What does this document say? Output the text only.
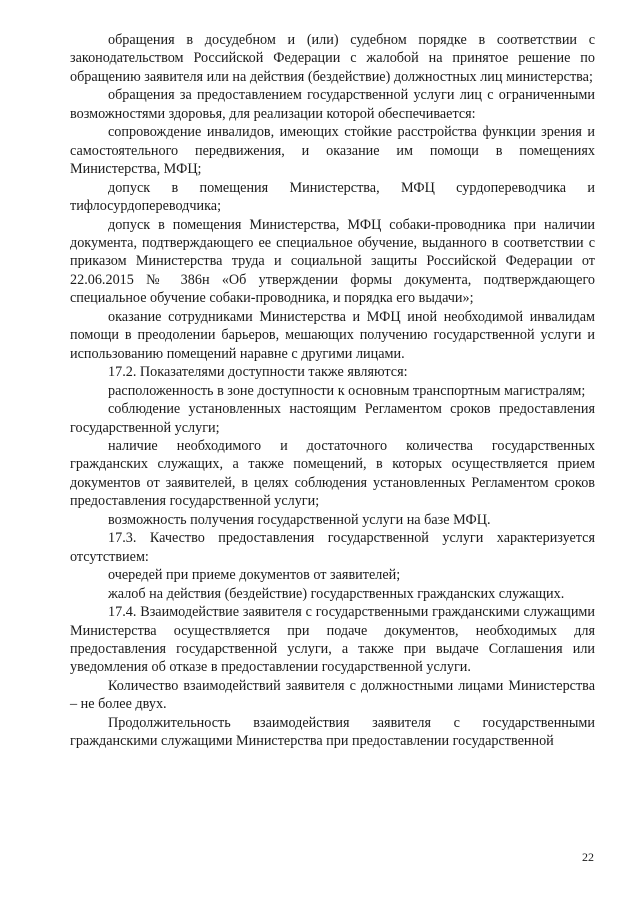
обращения в досудебном и (или) судебном порядке в соответствии с законодательством Российской Федерации с жалобой на принятое решение по обращению заявителя или на действия (бездействие) должностных лиц министерства;

обращения за предоставлением государственной услуги лиц с ограниченными возможностями здоровья, для реализации которой обеспечивается:

сопровождение инвалидов, имеющих стойкие расстройства функции зрения и самостоятельного передвижения, и оказание им помощи в помещениях Министерства, МФЦ;

допуск в помещения Министерства, МФЦ сурдопереводчика и тифлосурдопереводчика;

допуск в помещения Министерства, МФЦ собаки-проводника при наличии документа, подтверждающего ее специальное обучение, выданного в соответствии с приказом Министерства труда и социальной защиты Российской Федерации от 22.06.2015 № 386н «Об утверждении формы документа, подтверждающего специальное обучение собаки-проводника, и порядка его выдачи»;

оказание сотрудниками Министерства и МФЦ иной необходимой инвалидам помощи в преодолении барьеров, мешающих получению государственной услуги и использованию помещений наравне с другими лицами.

17.2. Показателями доступности также являются:

расположенность в зоне доступности к основным транспортным магистралям;

соблюдение установленных настоящим Регламентом сроков предоставления государственной услуги;

наличие необходимого и достаточного количества государственных гражданских служащих, а также помещений, в которых осуществляется прием документов от заявителей, в целях соблюдения установленных Регламентом сроков предоставления государственной услуги;

возможность получения государственной услуги на базе МФЦ.

17.3. Качество предоставления государственной услуги характеризуется отсутствием:

очередей при приеме документов от заявителей;

жалоб на действия (бездействие) государственных гражданских служащих.

17.4. Взаимодействие заявителя с государственными гражданскими служащими Министерства осуществляется при подаче документов, необходимых для предоставления государственной услуги, а также при выдаче Соглашения или уведомления об отказе в предоставлении государственной услуги.

Количество взаимодействий заявителя с должностными лицами Министерства – не более двух.

Продолжительность взаимодействия заявителя с государственными гражданскими служащими Министерства при предоставлении государственной

22
